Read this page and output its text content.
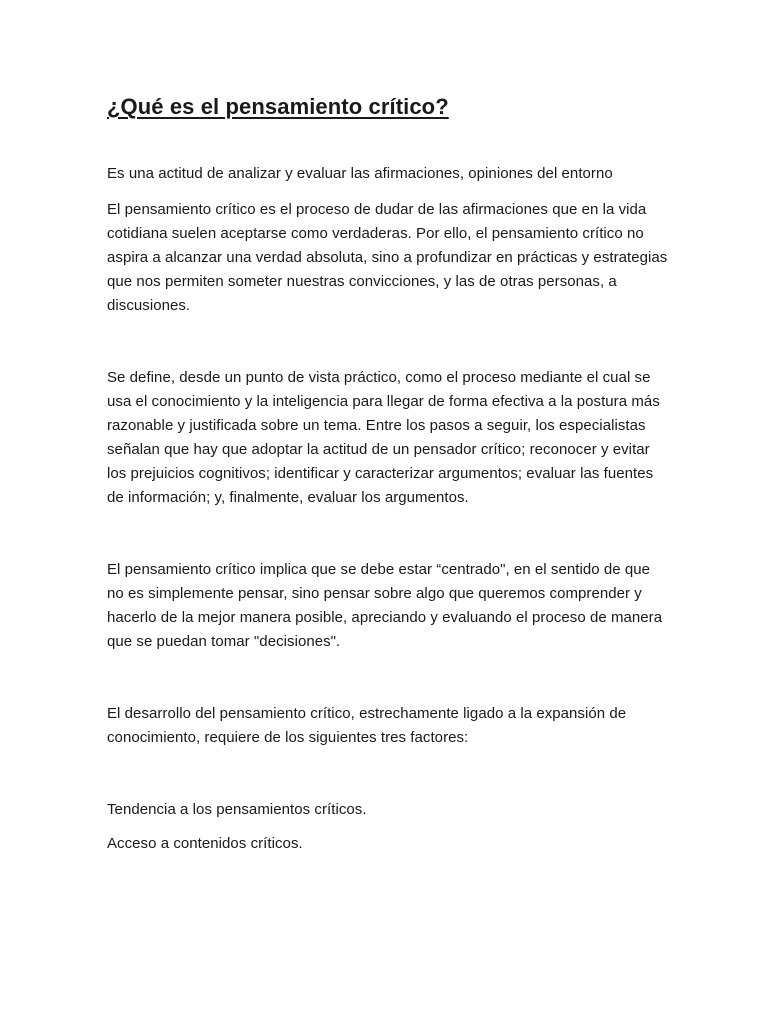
¿Qué es el pensamiento crítico?

Es una actitud de analizar y evaluar las afirmaciones, opiniones del entorno

El pensamiento crítico es el proceso de dudar de las afirmaciones que en la vida cotidiana suelen aceptarse como verdaderas. Por ello, el pensamiento crítico no aspira a alcanzar una verdad absoluta, sino a profundizar en prácticas y estrategias que nos permiten someter nuestras convicciones, y las de otras personas, a discusiones.

Se define, desde un punto de vista práctico, como el proceso mediante el cual se usa el conocimiento y la inteligencia para llegar de forma efectiva a la postura más razonable y justificada sobre un tema. Entre los pasos a seguir, los especialistas señalan que hay que adoptar la actitud de un pensador crítico; reconocer y evitar los prejuicios cognitivos; identificar y caracterizar argumentos; evaluar las fuentes de información; y, finalmente, evaluar los argumentos.

El pensamiento crítico implica que se debe estar “centrado", en el sentido de que no es simplemente pensar, sino pensar sobre algo que queremos comprender y hacerlo de la mejor manera posible, apreciando y evaluando el proceso de manera que se puedan tomar "decisiones".

El desarrollo del pensamiento crítico, estrechamente ligado a la expansión de conocimiento, requiere de los siguientes tres factores:

Tendencia a los pensamientos críticos.

Acceso a contenidos críticos.
